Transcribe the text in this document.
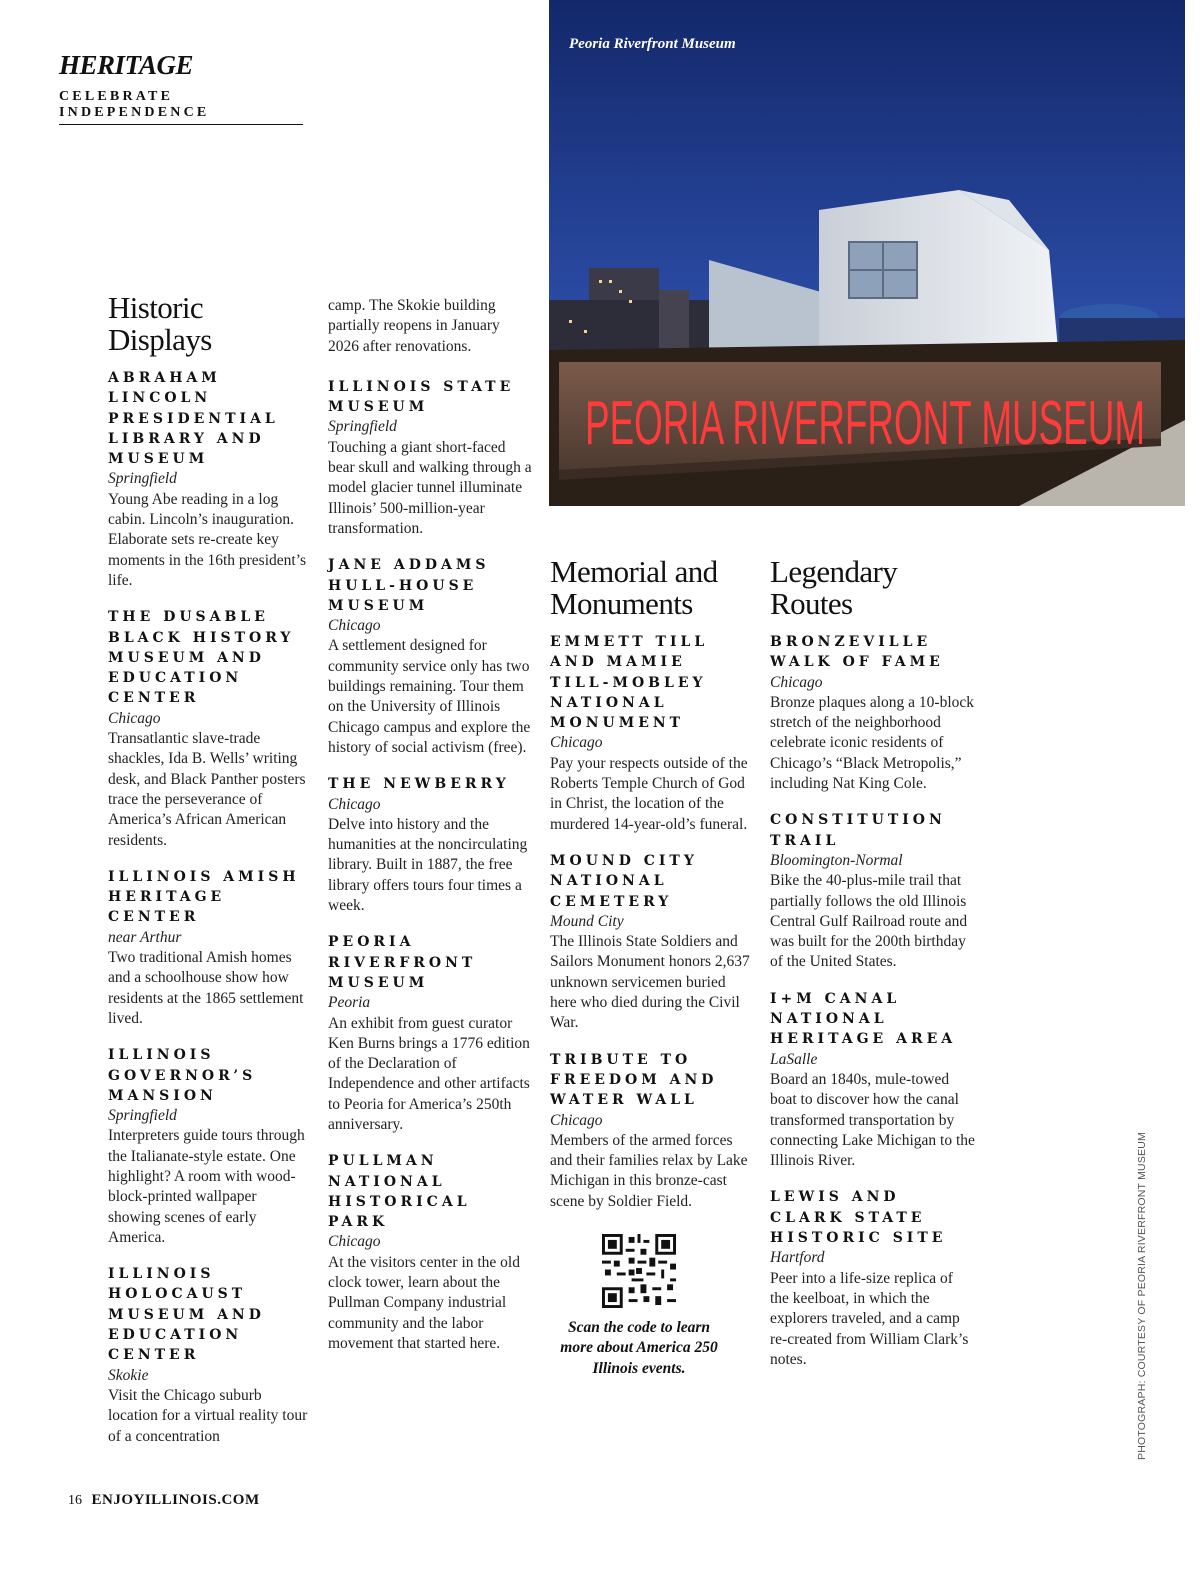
HERITAGE
CELEBRATE INDEPENDENCE
PEORIA RIVERFRONT MUSEUM
Peoria Riverfront Museum
Historic Displays
ABRAHAM LINCOLN PRESIDENTIAL LIBRARY AND MUSEUM
Springfield
Young Abe reading in a log cabin. Lincoln’s inauguration. Elaborate sets re-create key moments in the 16th president’s life.
THE DUSABLE BLACK HISTORY MUSEUM AND EDUCATION CENTER
Chicago
Transatlantic slave-trade shackles, Ida B. Wells’ writing desk, and Black Panther posters trace the perseverance of America’s African American residents.
ILLINOIS AMISH HERITAGE CENTER
near Arthur
Two traditional Amish homes and a schoolhouse show how residents at the 1865 settlement lived.
ILLINOIS GOVERNOR’S MANSION
Springfield
Interpreters guide tours through the Italianate-style estate. One highlight? A room with wood-block-printed wallpaper showing scenes of early America.
ILLINOIS HOLOCAUST MUSEUM AND EDUCATION CENTER
Skokie
Visit the Chicago suburb location for a virtual reality tour of a concentration
camp. The Skokie building partially reopens in January 2026 after renovations.
ILLINOIS STATE MUSEUM
Springfield
Touching a giant short-faced bear skull and walking through a model glacier tunnel illuminate Illinois’ 500-million-year transformation.
JANE ADDAMS HULL-HOUSE MUSEUM
Chicago
A settlement designed for community service only has two buildings remaining. Tour them on the University of Illinois Chicago campus and explore the history of social activism (free).
THE NEWBERRY
Chicago
Delve into history and the humanities at the noncirculating library. Built in 1887, the free library offers tours four times a week.
PEORIA RIVERFRONT MUSEUM
Peoria
An exhibit from guest curator Ken Burns brings a 1776 edition of the Declaration of Independence and other artifacts to Peoria for America’s 250th anniversary.
PULLMAN NATIONAL HISTORICAL PARK
Chicago
At the visitors center in the old clock tower, learn about the Pullman Company industrial community and the labor movement that started here.
Memorial and Monuments
EMMETT TILL AND MAMIE TILL-MOBLEY NATIONAL MONUMENT
Chicago
Pay your respects outside of the Roberts Temple Church of God in Christ, the location of the murdered 14-year-old’s funeral.
MOUND CITY NATIONAL CEMETERY
Mound City
The Illinois State Soldiers and Sailors Monument honors 2,637 unknown servicemen buried here who died during the Civil War.
TRIBUTE TO FREEDOM AND WATER WALL
Chicago
Members of the armed forces and their families relax by Lake Michigan in this bronze-cast scene by Soldier Field.
Scan the code to learn more about America 250 Illinois events.
Legendary Routes
BRONZEVILLE WALK OF FAME
Chicago
Bronze plaques along a 10-block stretch of the neighborhood celebrate iconic residents of Chicago’s “Black Metropolis,” including Nat King Cole.
CONSTITUTION TRAIL
Bloomington-Normal
Bike the 40-plus-mile trail that partially follows the old Illinois Central Gulf Railroad route and was built for the 200th birthday of the United States.
I+M CANAL NATIONAL HERITAGE AREA
LaSalle
Board an 1840s, mule-towed boat to discover how the canal transformed transportation by connecting Lake Michigan to the Illinois River.
LEWIS AND CLARK STATE HISTORIC SITE
Hartford
Peer into a life-size replica of the keelboat, in which the explorers traveled, and a camp re-created from William Clark’s notes.	PHOTOGRAPH: COURTESY OF PEORIA RIVERFRONT MUSEUM
16 ENJOYILLINOIS.COM
